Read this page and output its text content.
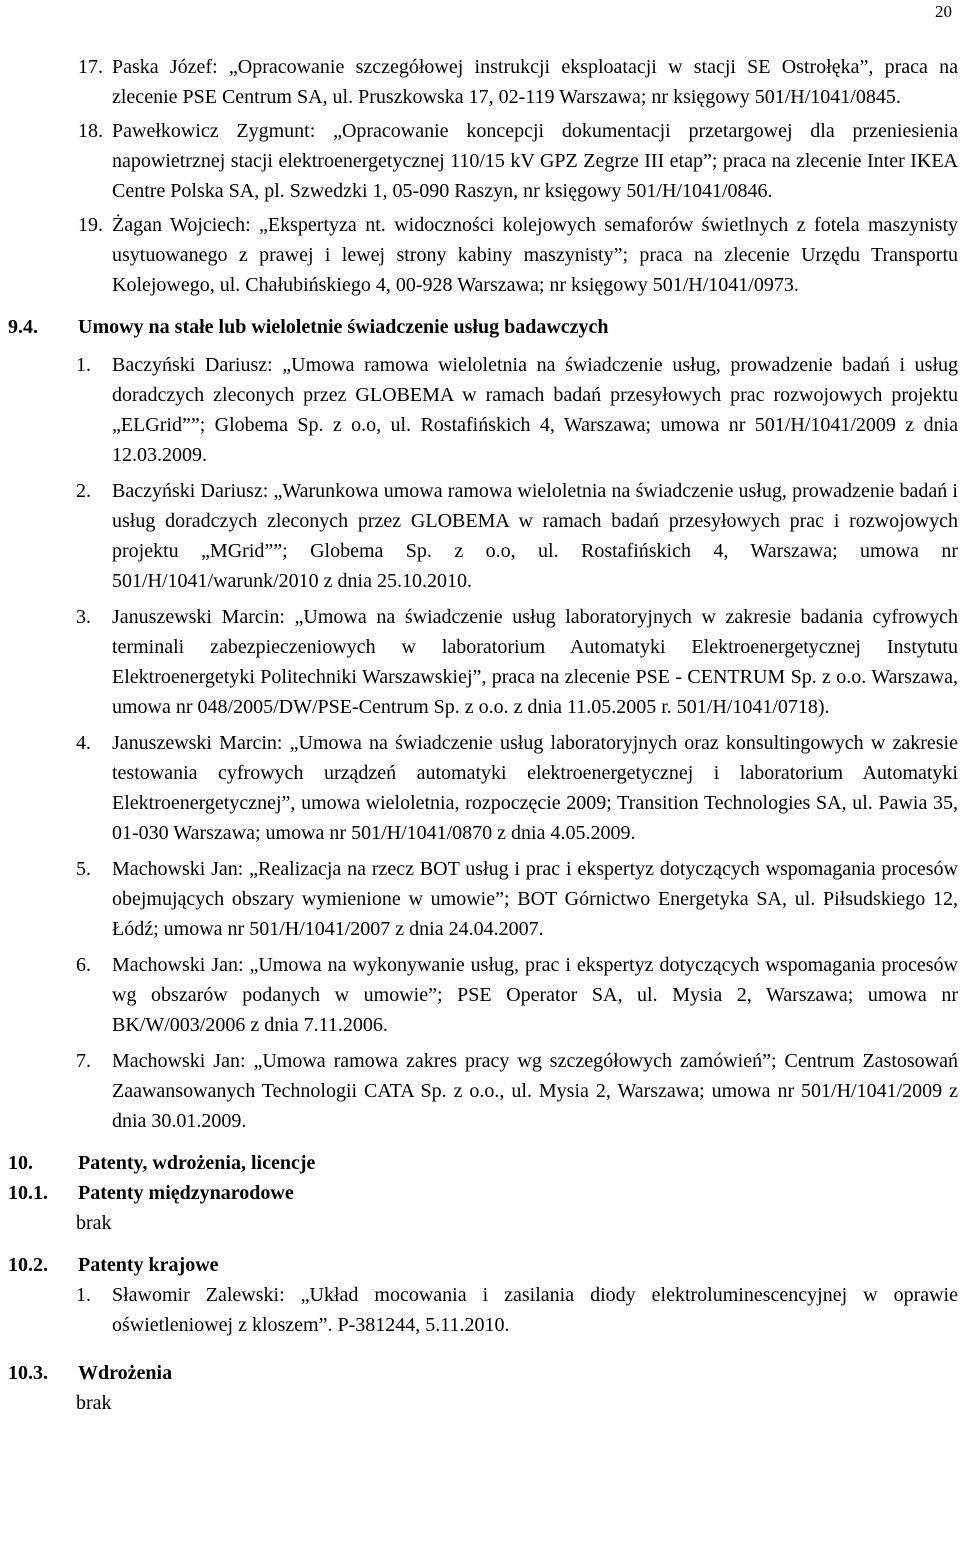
20
17. Paska Józef: „Opracowanie szczegółowej instrukcji eksploatacji w stacji SE Ostrołęka”, praca na zlecenie PSE Centrum SA, ul. Pruszkowska 17, 02-119 Warszawa; nr księgowy 501/H/1041/0845.
18. Pawełkowicz Zygmunt: „Opracowanie koncepcji dokumentacji przetargowej dla przeniesienia napowietrznej stacji elektroenergetycznej 110/15 kV GPZ Zegrze III etap”; praca na zlecenie Inter IKEA Centre Polska SA, pl. Szwedzki 1, 05-090 Raszyn, nr księgowy 501/H/1041/0846.
19. Żagan Wojciech: „Ekspertyza nt. widoczności kolejowych semaforów świetlnych z fotela maszynisty usytuowanego z prawej i lewej strony kabiny maszynisty”; praca na zlecenie Urzędu Transportu Kolejowego, ul. Chałubińskiego 4, 00-928 Warszawa; nr księgowy 501/H/1041/0973.
9.4. Umowy na stałe lub wieloletnie świadczenie usług badawczych
1. Baczyński Dariusz: „Umowa ramowa wieloletnia na świadczenie usług, prowadzenie badań i usług doradczych zleconych przez GLOBEMA w ramach badań przesyłowych prac rozwojowych projektu „ELGrid””; Globema Sp. z o.o, ul. Rostafińskich 4, Warszawa; umowa nr 501/H/1041/2009 z dnia 12.03.2009.
2. Baczyński Dariusz: „Warunkowa umowa ramowa wieloletnia na świadczenie usług, prowadzenie badań i usług doradczych zleconych przez GLOBEMA w ramach badań przesyłowych prac i rozwojowych projektu „MGrid””; Globema Sp. z o.o, ul. Rostafińskich 4, Warszawa; umowa nr 501/H/1041/warunk/2010 z dnia 25.10.2010.
3. Januszewski Marcin: „Umowa na świadczenie usług laboratoryjnych w zakresie badania cyfrowych terminali zabezpieczeniowych w laboratorium Automatyki Elektroenergetycznej Instytutu Elektroenergetyki Politechniki Warszawskiej”, praca na zlecenie PSE - CENTRUM Sp. z o.o. Warszawa, umowa nr 048/2005/DW/PSE-Centrum Sp. z o.o. z dnia 11.05.2005 r. 501/H/1041/0718).
4. Januszewski Marcin: „Umowa na świadczenie usług laboratoryjnych oraz konsultingowych w zakresie testowania cyfrowych urządzeń automatyki elektroenergetycznej i laboratorium Automatyki Elektroenergetycznej”, umowa wieloletnia, rozpoczęcie 2009; Transition Technologies SA, ul. Pawia 35, 01-030 Warszawa; umowa nr 501/H/1041/0870 z dnia 4.05.2009.
5. Machowski Jan: „Realizacja na rzecz BOT usług i prac i ekspertyz dotyczących wspomagania procesów obejmujących obszary wymienione w umowie”; BOT Górnictwo Energetyka SA, ul. Piłsudskiego 12, Łódź; umowa nr 501/H/1041/2007 z dnia 24.04.2007.
6. Machowski Jan: „Umowa na wykonywanie usług, prac i ekspertyz dotyczących wspomagania procesów wg obszarów podanych w umowie”; PSE Operator SA, ul. Mysia 2, Warszawa; umowa nr BK/W/003/2006 z dnia 7.11.2006.
7. Machowski Jan: „Umowa ramowa zakres pracy wg szczegółowych zamówień”; Centrum Zastosowań Zaawansowanych Technologii CATA Sp. z o.o., ul. Mysia 2, Warszawa; umowa nr 501/H/1041/2009 z dnia 30.01.2009.
10. Patenty, wdrożenia, licencje
10.1. Patenty międzynarodowe
brak
10.2. Patenty krajowe
1. Sławomir Zalewski: „Układ mocowania i zasilania diody elektroluminescencyjnej w oprawie oświetleniowej z kloszem”. P-381244, 5.11.2010.
10.3. Wdrożenia
brak
